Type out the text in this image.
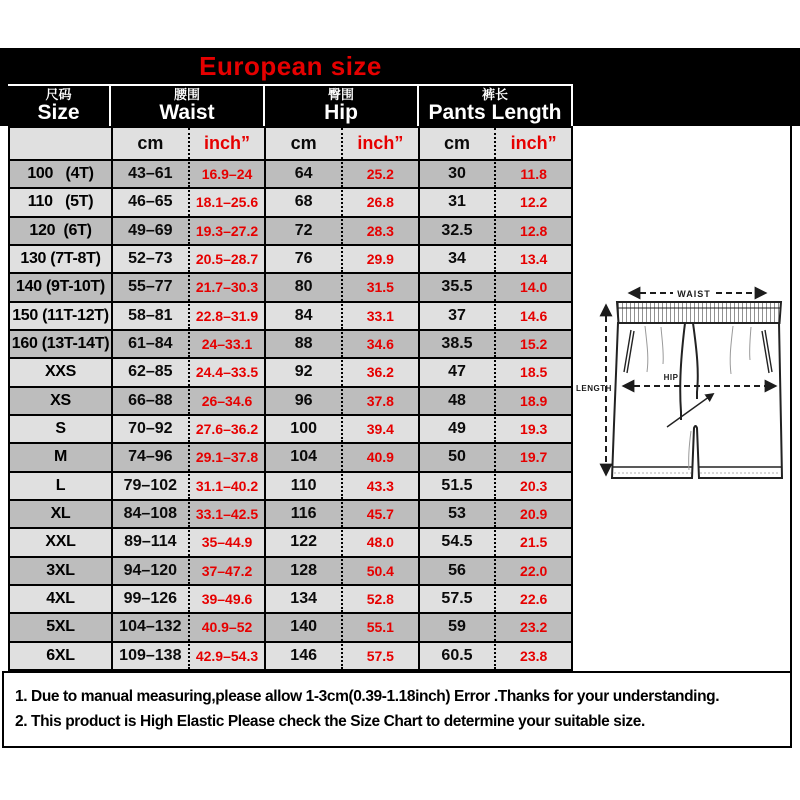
European size
尺码
Size
腰围
Waist
臀围
Hip
裤长
Pants Length
cm	inch”	cm	inch”	cm	inch”
100   (4T)	43–61	16.9–24	64	25.2	30	11.8
110   (5T)	46–65	18.1–25.6	68	26.8	31	12.2
120  (6T)	49–69	19.3–27.2	72	28.3	32.5	12.8
130 (7T-8T)	52–73	20.5–28.7	76	29.9	34	13.4
140 (9T-10T)	55–77	21.7–30.3	80	31.5	35.5	14.0
150 (11T-12T)	58–81	22.8–31.9	84	33.1	37	14.6
160 (13T-14T)	61–84	24–33.1	88	34.6	38.5	15.2
XXS	62–85	24.4–33.5	92	36.2	47	18.5
XS	66–88	26–34.6	96	37.8	48	18.9
S	70–92	27.6–36.2	100	39.4	49	19.3
M	74–96	29.1–37.8	104	40.9	50	19.7
L	79–102	31.1–40.2	110	43.3	51.5	20.3
XL	84–108	33.1–42.5	116	45.7	53	20.9
XXL	89–114	35–44.9	122	48.0	54.5	21.5
3XL	94–120	37–47.2	128	50.4	56	22.0
4XL	99–126	39–49.6	134	52.8	57.5	22.6
5XL	104–132	40.9–52	140	55.1	59	23.2
6XL	109–138	42.9–54.3	146	57.5	60.5	23.8
WAIST
HIP
LENGTH
1. Due to manual measuring,please allow 1-3cm(0.39-1.18inch) Error .Thanks for your understanding.
2. This product is High Elastic Please check the Size Chart to determine your suitable size.
